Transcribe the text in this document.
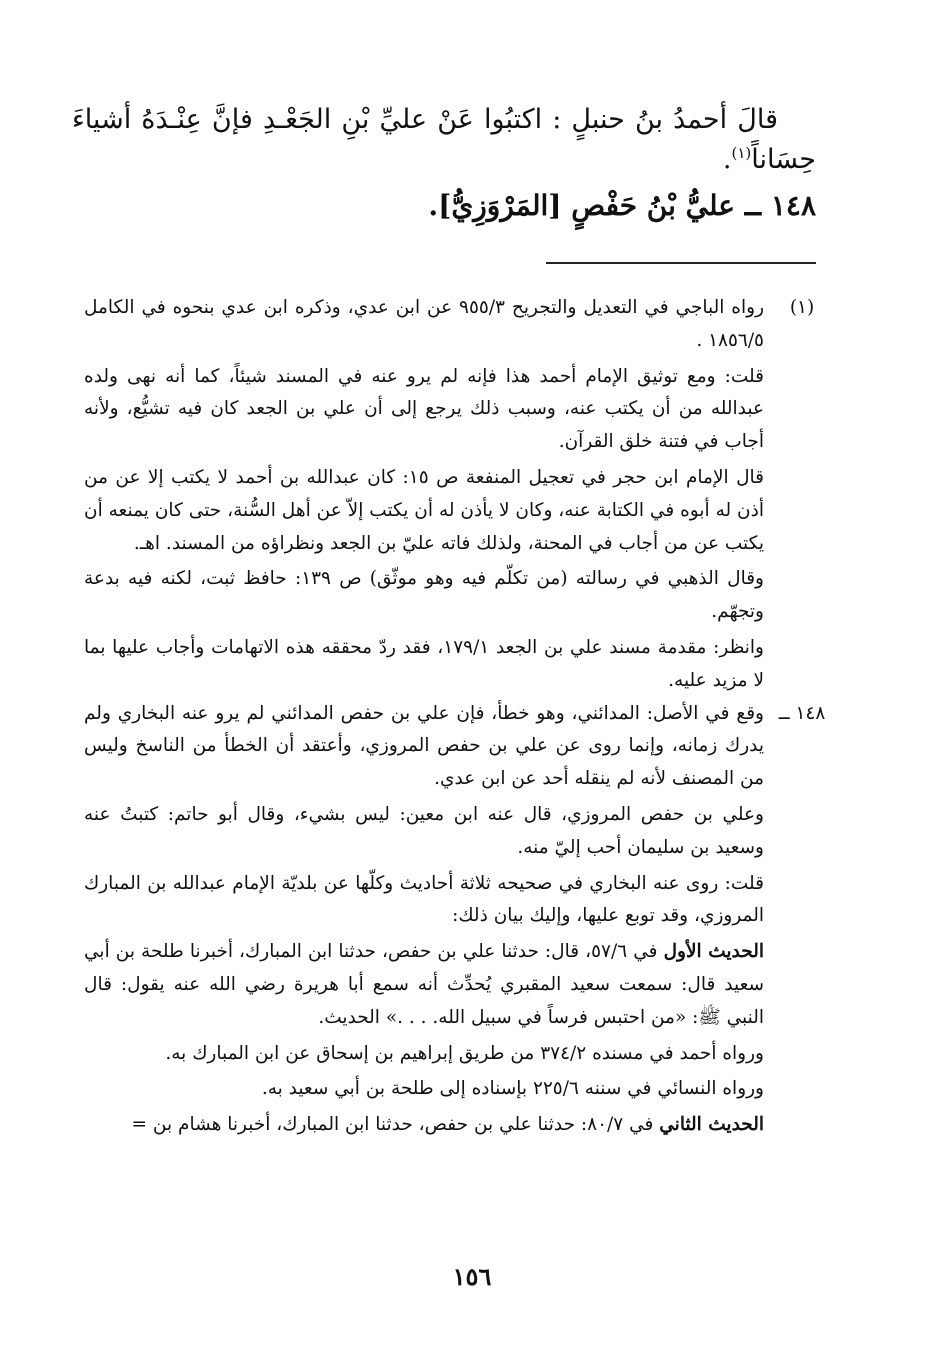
قالَ أحمدُ بنُ حنبلٍ : اكتبُوا عَنْ عليِّ بْنِ الجَعْـدِ فإنَّ عِنْـدَهُ أشياءَ حِسَاناً$^{(١)}$.

١٤٨ ــ عليُّ بْنُ حَفْصٍ [المَرْوَزِيُّ].

(١)

رواه الباجي في التعديل والتجريح ٩٥٥/٣ عن ابن عدي، وذكره ابن عدي بنحوه في الكامل ١٨٥٦/٥ .

قلت: ومع توثيق الإمام أحمد هذا فإنه لم يرو عنه في المسند شيئاً، كما أنه نهى ولده عبدالله من أن يكتب عنه، وسبب ذلك يرجع إلى أن علي بن الجعد كان فيه تشيُّع، ولأنه أجاب في فتنة خلق القرآن.

قال الإمام ابن حجر في تعجيل المنفعة ص ١٥: كان عبدالله بن أحمد لا يكتب إلا عن من أذن له أبوه في الكتابة عنه، وكان لا يأذن له أن يكتب إلاّ عن أهل السُّنة، حتى كان يمنعه أن يكتب عن من أجاب في المحنة، ولذلك فاته عليّ بن الجعد ونظراؤه من المسند. اهـ.

وقال الذهبي في رسالته (من تكلّم فيه وهو موثّق) ص ١٣٩: حافظ ثبت، لكنه فيه بدعة وتجهّم.

وانظر: مقدمة مسند علي بن الجعد ١٧٩/١، فقد ردّ محققه هذه الاتهامات وأجاب عليها بما لا مزيد عليه.

١٤٨ ــ

وقع في الأصل: المدائني، وهو خطأ، فإن علي بن حفص المدائني لم يرو عنه البخاري ولم يدرك زمانه، وإنما روى عن علي بن حفص المروزي، وأعتقد أن الخطأ من الناسخ وليس من المصنف لأنه لم ينقله أحد عن ابن عدي.

وعلي بن حفص المروزي، قال عنه ابن معين: ليس بشيء، وقال أبو حاتم: كتبتُ عنه وسعيد بن سليمان أحب إليّ منه.

قلت: روى عنه البخاري في صحيحه ثلاثة أحاديث وكلّها عن بلديّة الإمام عبدالله بن المبارك المروزي، وقد توبع عليها، وإليك بيان ذلك:

الحديث الأول في ٥٧/٦، قال: حدثنا علي بن حفص، حدثنا ابن المبارك، أخبرنا طلحة بن أبي سعيد قال: سمعت سعيد المقبري يُحدِّث أنه سمع أبا هريرة رضي الله عنه يقول: قال النبي ﷺ: «من احتبس فرساً في سبيل الله. . . .» الحديث.

ورواه أحمد في مسنده ٣٧٤/٢ من طريق إبراهيم بن إسحاق عن ابن المبارك به.

ورواه النسائي في سننه ٢٢٥/٦ بإسناده إلى طلحة بن أبي سعيد به.

الحديث الثاني في ٨٠/٧: حدثنا علي بن حفص، حدثنا ابن المبارك، أخبرنا هشام بن =

١٥٦
